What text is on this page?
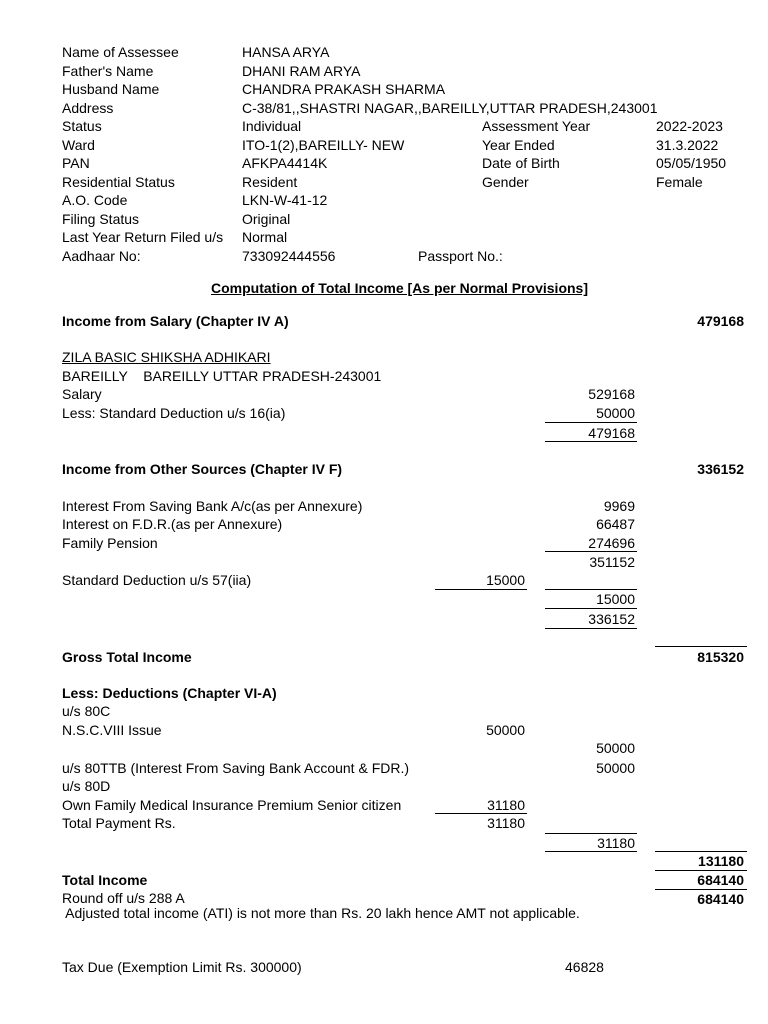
Name of Assessee	HANSA ARYA
Father's Name	DHANI RAM ARYA
Husband Name	CHANDRA PRAKASH SHARMA
Address	C-38/81,,SHASTRI NAGAR,,BAREILLY,UTTAR PRADESH,243001
Status	Individual	Assessment Year	2022-2023
Ward	ITO-1(2),BAREILLY- NEW	Year Ended	31.3.2022
PAN	AFKPA4414K	Date of Birth	05/05/1950
Residential Status	Resident	Gender	Female
A.O. Code	LKN-W-41-12
Filing Status	Original
Last Year Return Filed u/s Normal
Aadhaar No:	733092444556	Passport No.:
Computation of Total Income [As per Normal Provisions]
Income from Salary (Chapter IV A)	479168
ZILA BASIC SHIKSHA ADHIKARI
BAREILLY    BAREILLY UTTAR PRADESH-243001
Salary	529168
Less: Standard Deduction u/s 16(ia)	50000
479168
Income from Other Sources (Chapter IV F)	336152
Interest From Saving Bank A/c(as per Annexure)	9969
Interest on F.D.R.(as per Annexure)	66487
Family Pension	274696
351152
Standard Deduction u/s 57(iia)	15000
15000
336152
Gross Total Income	815320
Less: Deductions (Chapter VI-A)
u/s 80C
N.S.C.VIII Issue	50000
50000
u/s 80TTB (Interest From Saving Bank Account & FDR.)	50000
u/s 80D
Own Family Medical Insurance Premium Senior citizen	31180
Total Payment Rs.	31180
31180
131180
Total Income	684140
Round off u/s 288 A	684140
Adjusted total income (ATI) is not more than Rs. 20 lakh hence AMT not applicable.
Tax Due (Exemption Limit Rs. 300000)	46828
